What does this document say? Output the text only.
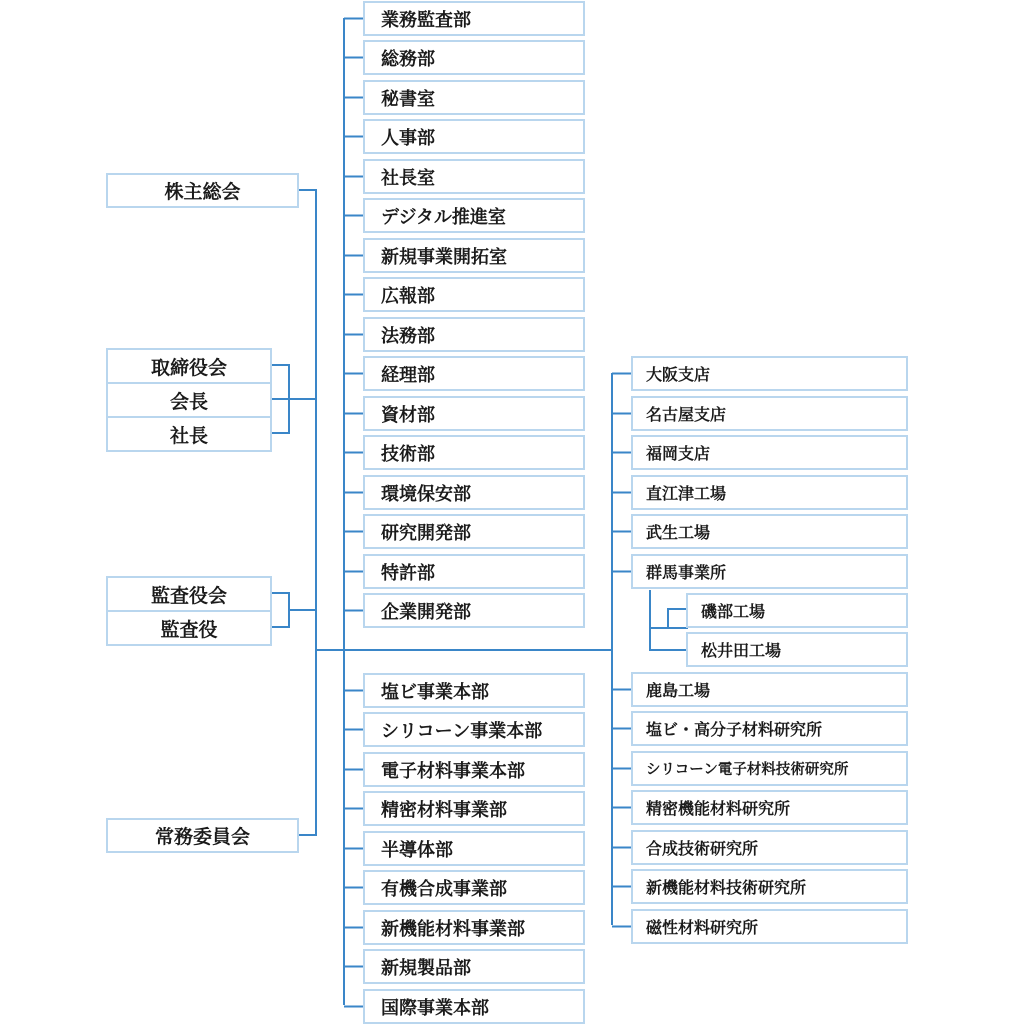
株主総会
取締役会
会長
社長
監査役会
監査役
常務委員会
業務監査部
総務部
秘書室
人事部
社長室
デジタル推進室
新規事業開拓室
広報部
法務部
経理部
資材部
技術部
環境保安部
研究開発部
特許部
企業開発部
塩ビ事業本部
シリコーン事業本部
電子材料事業本部
精密材料事業部
半導体部
有機合成事業部
新機能材料事業部
新規製品部
国際事業本部
大阪支店
名古屋支店
福岡支店
直江津工場
武生工場
群馬事業所
磯部工場
松井田工場
鹿島工場
塩ビ・高分子材料研究所
シリコーン電子材料技術研究所
精密機能材料研究所
合成技術研究所
新機能材料技術研究所
磁性材料研究所
